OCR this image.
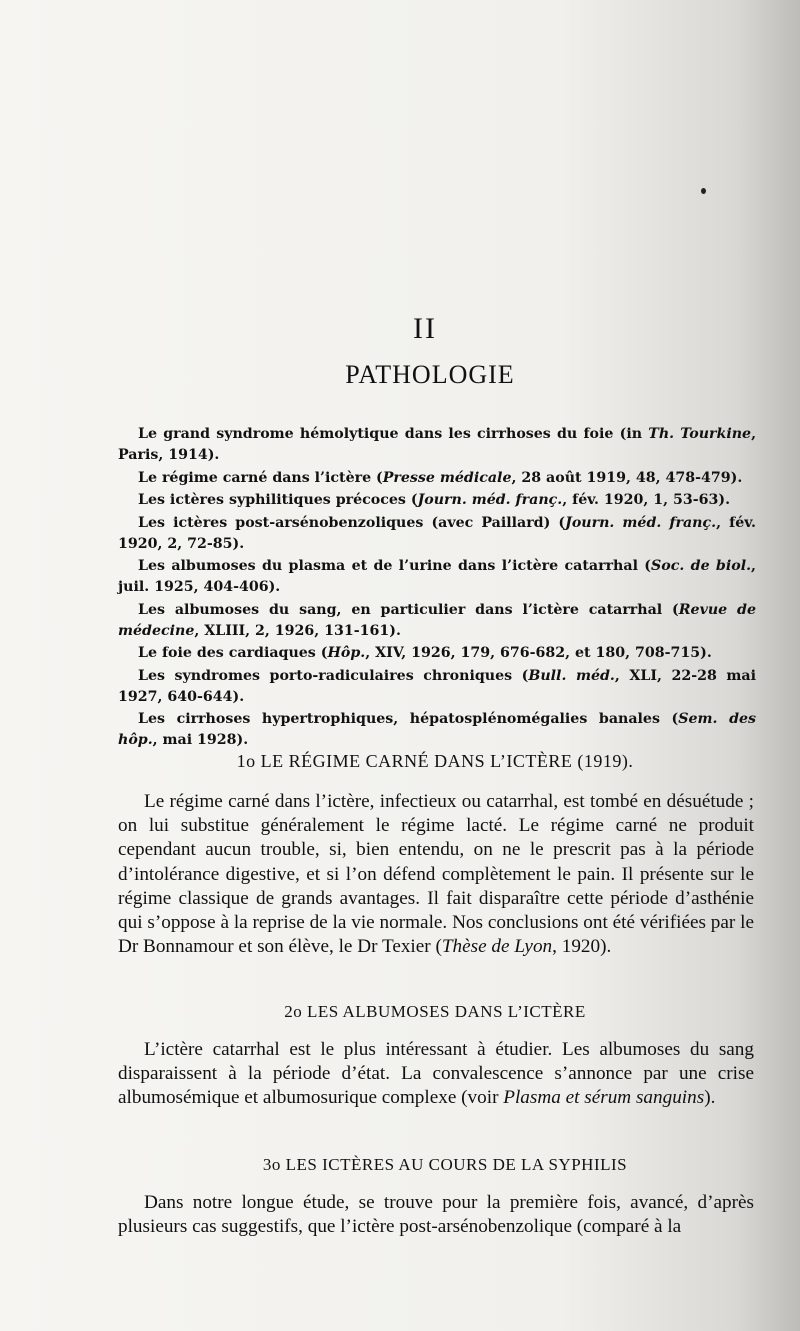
II
PATHOLOGIE

Le grand syndrome hémolytique dans les cirrhoses du foie (in Th. Tourkine, Paris, 1914).

Le régime carné dans l’ictère (Presse médicale, 28 août 1919, 48, 478-479).

Les ictères syphilitiques précoces (Journ. méd. franç., fév. 1920, 1, 53-63).

Les ictères post-arsénobenzoliques (avec Paillard) (Journ. méd. franç., fév. 1920, 2, 72-85).

Les albumoses du plasma et de l’urine dans l’ictère catarrhal (Soc. de biol., juil. 1925, 404-406).

Les albumoses du sang, en particulier dans l’ictère catarrhal (Revue de médecine, XLIII, 2, 1926, 131-161).

Le foie des cardiaques (Hôp., XIV, 1926, 179, 676-682, et 180, 708-715).

Les syndromes porto-radiculaires chroniques (Bull. méd., XLI, 22-28 mai 1927, 640-644).

Les cirrhoses hypertrophiques, hépatosplénomégalies banales (Sem. des hôp., mai 1928).

1o LE RÉGIME CARNÉ DANS L’ICTÈRE (1919).

Le régime carné dans l’ictère, infectieux ou catarrhal, est tombé en désuétude ; on lui substitue généralement le régime lacté. Le régime carné ne produit cependant aucun trouble, si, bien entendu, on ne le prescrit pas à la période d’intolérance digestive, et si l’on défend complètement le pain. Il présente sur le régime classique de grands avantages. Il fait disparaître cette période d’asthénie qui s’oppose à la reprise de la vie normale. Nos conclusions ont été vérifiées par le Dr Bonnamour et son élève, le Dr Texier (Thèse de Lyon, 1920).

2o LES ALBUMOSES DANS L’ICTÈRE

L’ictère catarrhal est le plus intéressant à étudier. Les albumoses du sang disparaissent à la période d’état. La convalescence s’annonce par une crise albumosémique et albumosurique complexe (voir Plasma et sérum sanguins).

3o LES ICTÈRES AU COURS DE LA SYPHILIS

Dans notre longue étude, se trouve pour la première fois, avancé, d’après plusieurs cas suggestifs, que l’ictère post-arsénobenzolique (comparé à la
